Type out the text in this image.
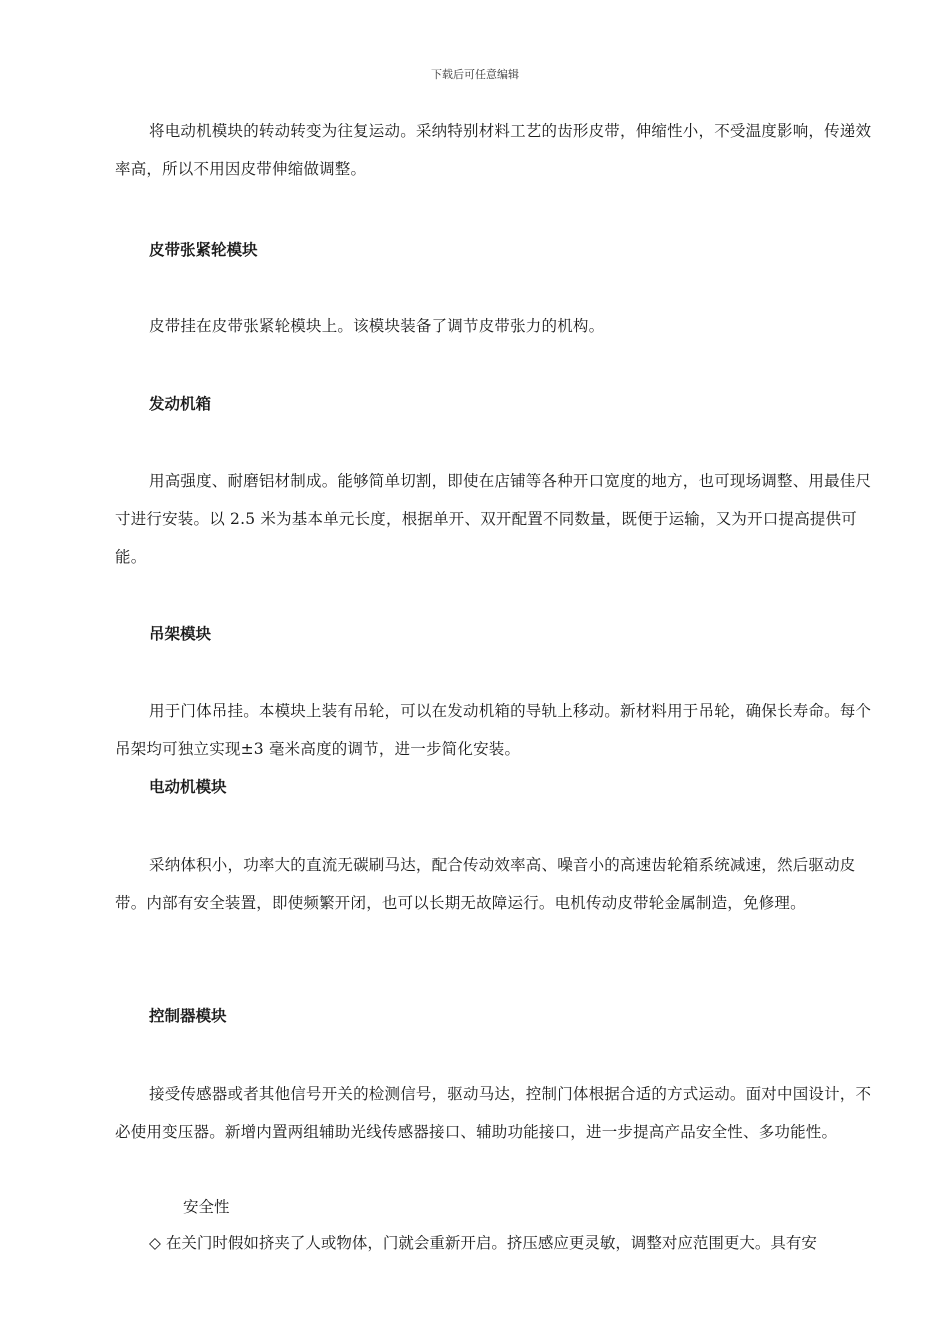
下载后可任意编辑

将电动机模块的转动转变为往复运动。采纳特别材料工艺的齿形皮带，伸缩性小，不受温度影响，传递效率高，所以不用因皮带伸缩做调整。

皮带张紧轮模块

皮带挂在皮带张紧轮模块上。该模块装备了调节皮带张力的机构。

发动机箱

用高强度、耐磨铝材制成。能够简单切割，即使在店铺等各种开口宽度的地方，也可现场调整、用最佳尺寸进行安装。以 2.5 米为基本单元长度，根据单开、双开配置不同数量，既便于运输，又为开口提高提供可能。

吊架模块

用于门体吊挂。本模块上装有吊轮，可以在发动机箱的导轨上移动。新材料用于吊轮，确保长寿命。每个吊架均可独立实现±3 毫米高度的调节，进一步简化安装。

电动机模块

采纳体积小，功率大的直流无碳刷马达，配合传动效率高、噪音小的高速齿轮箱系统减速，然后驱动皮带。内部有安全装置，即使频繁开闭，也可以长期无故障运行。电机传动皮带轮金属制造，免修理。

控制器模块

接受传感器或者其他信号开关的检测信号，驱动马达，控制门体根据合适的方式运动。面对中国设计，不必使用变压器。新增内置两组辅助光线传感器接口、辅助功能接口，进一步提高产品安全性、多功能性。

安全性

◇ 在关门时假如挤夹了人或物体，门就会重新开启。挤压感应更灵敏，调整对应范围更大。具有安
